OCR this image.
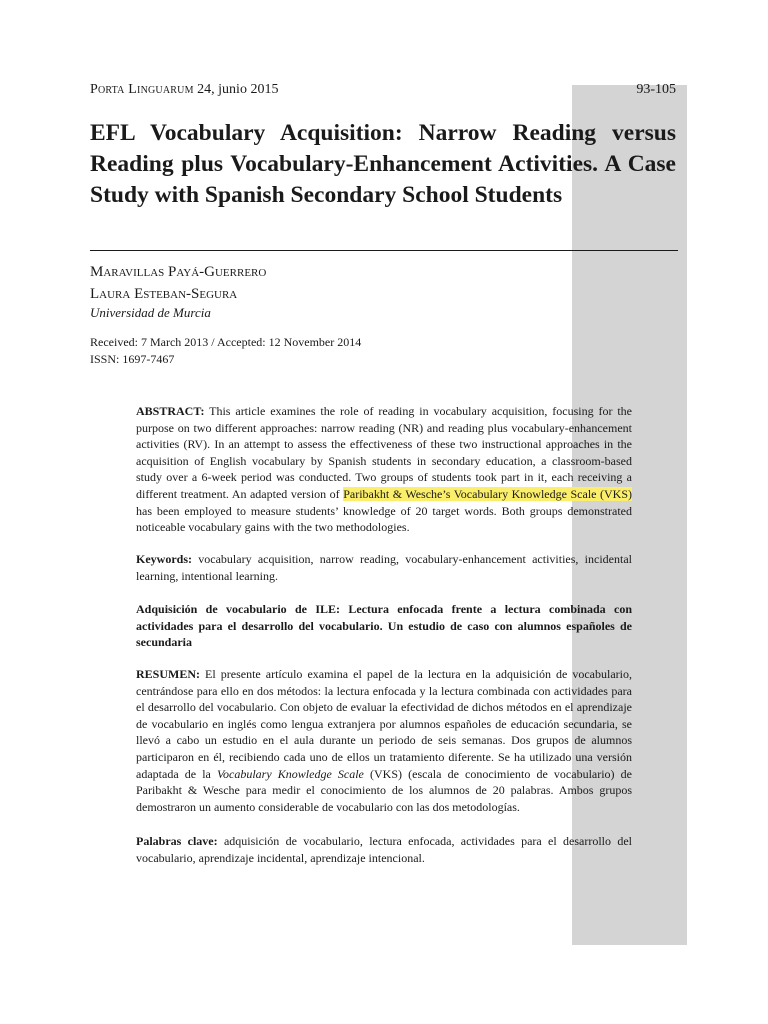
Porta Linguarum 24, junio 2015	93-105
EFL Vocabulary Acquisition: Narrow Reading versus Reading plus Vocabulary-Enhancement Activities. A Case Study with Spanish Secondary School Students
Maravillas Payá-Guerrero
Laura Esteban-Segura
Universidad de Murcia
Received: 7 March 2013 / Accepted: 12 November 2014
ISSN: 1697-7467

ABSTRACT: This article examines the role of reading in vocabulary acquisition, focusing for the purpose on two different approaches: narrow reading (NR) and reading plus vocabulary-enhancement activities (RV). In an attempt to assess the effectiveness of these two instructional approaches in the acquisition of English vocabulary by Spanish students in secondary education, a classroom-based study over a 6-week period was conducted. Two groups of students took part in it, each receiving a different treatment. An adapted version of Paribakht & Wesche’s Vocabulary Knowledge Scale (VKS) has been employed to measure students’ knowledge of 20 target words. Both groups demonstrated noticeable vocabulary gains with the two methodologies.

Keywords: vocabulary acquisition, narrow reading, vocabulary-enhancement activities, incidental learning, intentional learning.

Adquisición de vocabulario de ILE: Lectura enfocada frente a lectura combinada con actividades para el desarrollo del vocabulario. Un estudio de caso con alumnos españoles de secundaria

RESUMEN: El presente artículo examina el papel de la lectura en la adquisición de vocabulario, centrándose para ello en dos métodos: la lectura enfocada y la lectura combinada con actividades para el desarrollo del vocabulario. Con objeto de evaluar la efectividad de dichos métodos en el aprendizaje de vocabulario en inglés como lengua extranjera por alumnos españoles de educación secundaria, se llevó a cabo un estudio en el aula durante un periodo de seis semanas. Dos grupos de alumnos participaron en él, recibiendo cada uno de ellos un tratamiento diferente. Se ha utilizado una versión adaptada de la Vocabulary Knowledge Scale (VKS) (escala de conocimiento de vocabulario) de Paribakht & Wesche para medir el conocimiento de los alumnos de 20 palabras. Ambos grupos demostraron un aumento considerable de vocabulario con las dos metodologías.

Palabras clave: adquisición de vocabulario, lectura enfocada, actividades para el desarrollo del vocabulario, aprendizaje incidental, aprendizaje intencional.
